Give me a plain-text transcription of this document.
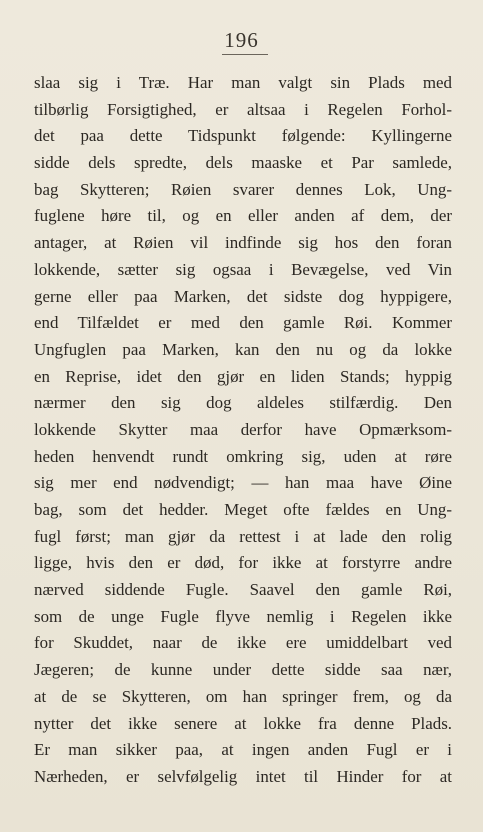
196
slaa sig i Træ. Har man valgt sin Plads med
tilbørlig Forsigtighed, er altsaa i Regelen Forhol-
det paa dette Tidspunkt følgende: Kyllingerne
sidde dels spredte, dels maaske et Par samlede,
bag Skytteren; Røien svarer dennes Lok, Ung-
fuglene høre til, og en eller anden af dem, der
antager, at Røien vil indfinde sig hos den foran
lokkende, sætter sig ogsaa i Bevægelse, ved Vin
gerne eller paa Marken, det sidste dog hyppigere,
end Tilfældet er med den gamle Røi. Kommer
Ungfuglen paa Marken, kan den nu og da lokke
en Reprise, idet den gjør en liden Stands; hyppig
nærmer den sig dog aldeles stilfærdig. Den
lokkende Skytter maa derfor have Opmærksom-
heden henvendt rundt omkring sig, uden at røre
sig mer end nødvendigt; — han maa have Øine
bag, som det hedder. Meget ofte fældes en Ung-
fugl først; man gjør da rettest i at lade den rolig
ligge, hvis den er død, for ikke at forstyrre andre
nærved siddende Fugle. Saavel den gamle Røi,
som de unge Fugle flyve nemlig i Regelen ikke
for Skuddet, naar de ikke ere umiddelbart ved
Jægeren; de kunne under dette sidde saa nær,
at de se Skytteren, om han springer frem, og da
nytter det ikke senere at lokke fra denne Plads.
Er man sikker paa, at ingen anden Fugl er i
Nærheden, er selvfølgelig intet til Hinder for at
